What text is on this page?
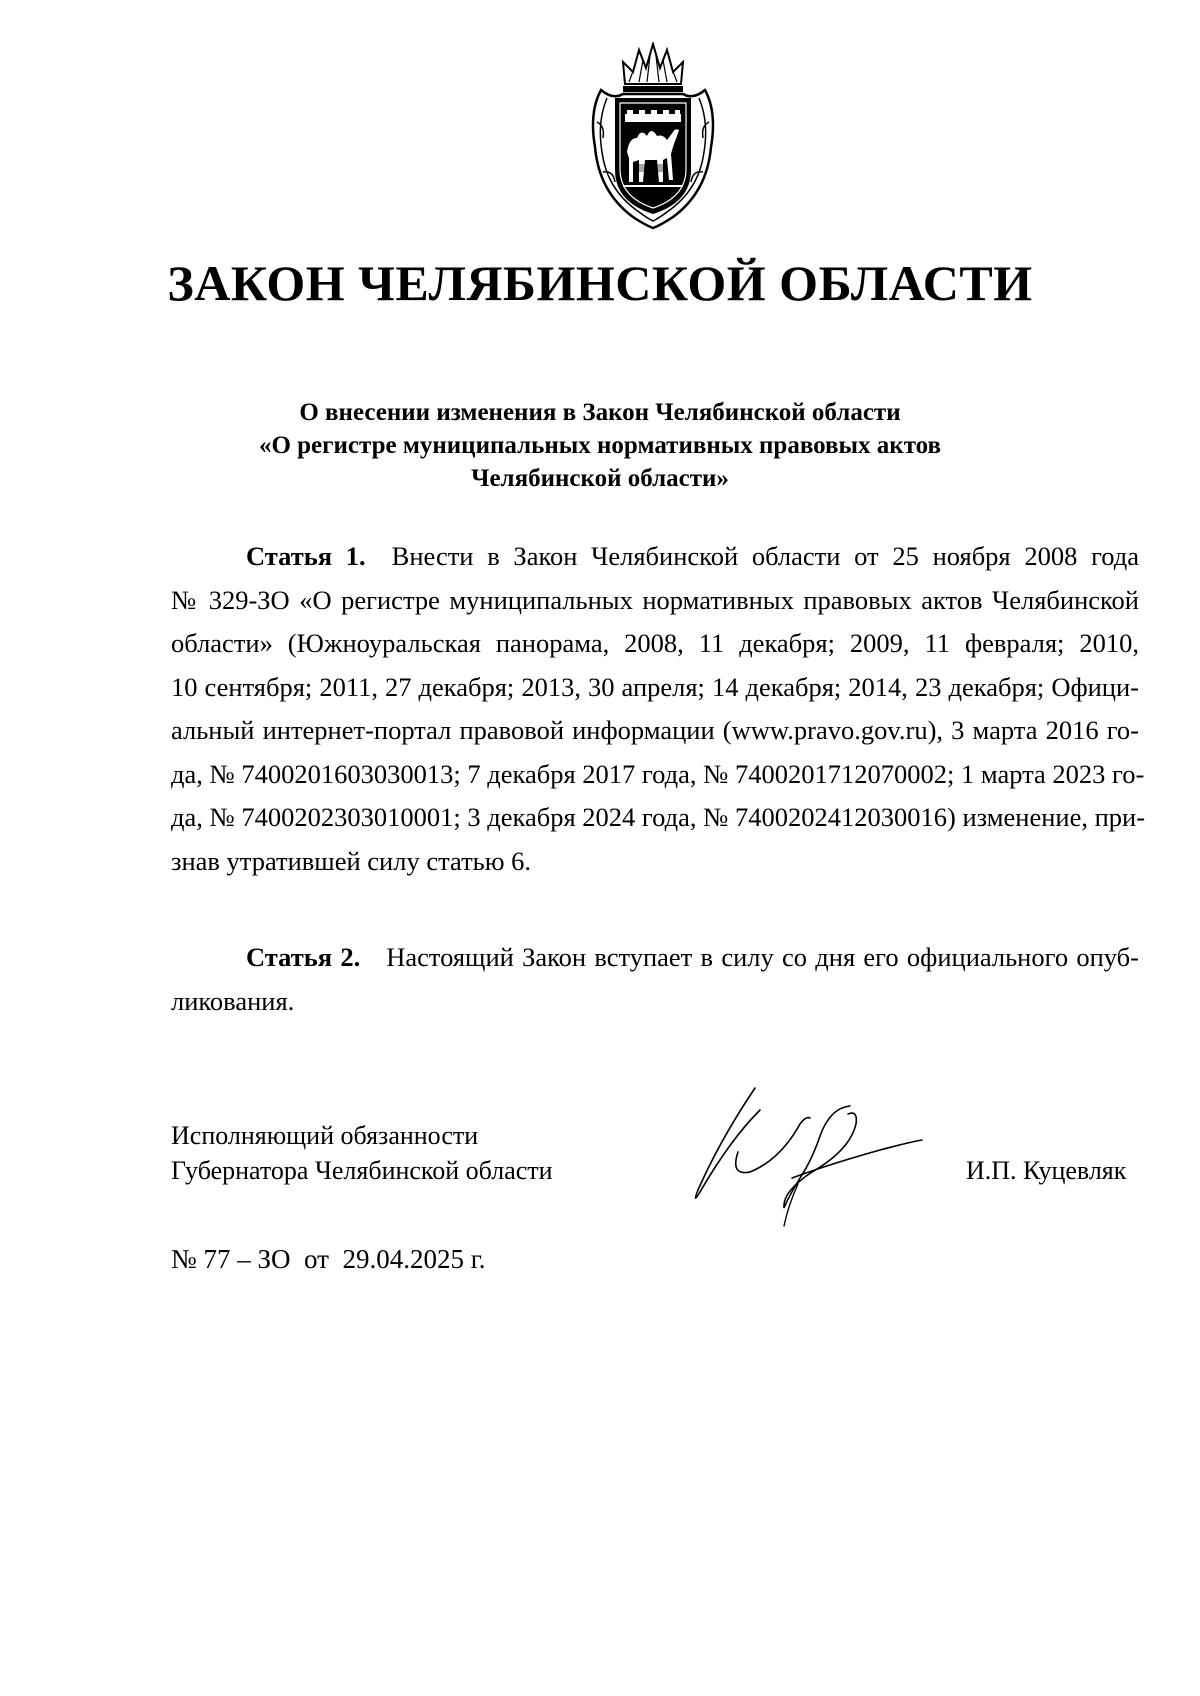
ЗАКОН ЧЕЛЯБИНСКОЙ ОБЛАСТИ
О внесении изменения в Закон Челябинской области
«О регистре муниципальных нормативных правовых актов
Челябинской области»
Статья 1. Внести в Закон Челябинской области от 25 ноября 2008 года
№ 329-ЗО «О регистре муниципальных нормативных правовых актов Челябинской
области» (Южноуральская панорама, 2008, 11 декабря; 2009, 11 февраля; 2010,
10 сентября; 2011, 27 декабря; 2013, 30 апреля; 14 декабря; 2014, 23 декабря; Офици-
альный интернет-портал правовой информации (www.pravo.gov.ru), 3 марта 2016 го-
да, № 7400201603030013; 7 декабря 2017 года, № 7400201712070002; 1 марта 2023 го-
да, № 7400202303010001; 3 декабря 2024 года, № 7400202412030016) изменение, при-
знав утратившей силу статью 6.
Статья 2. Настоящий Закон вступает в силу со дня его официального опуб-
ликования.
Исполняющий обязанности
Губернатора Челябинской области	И.П. Куцевляк

№ 77 – ЗО  от  29.04.2025 г.
